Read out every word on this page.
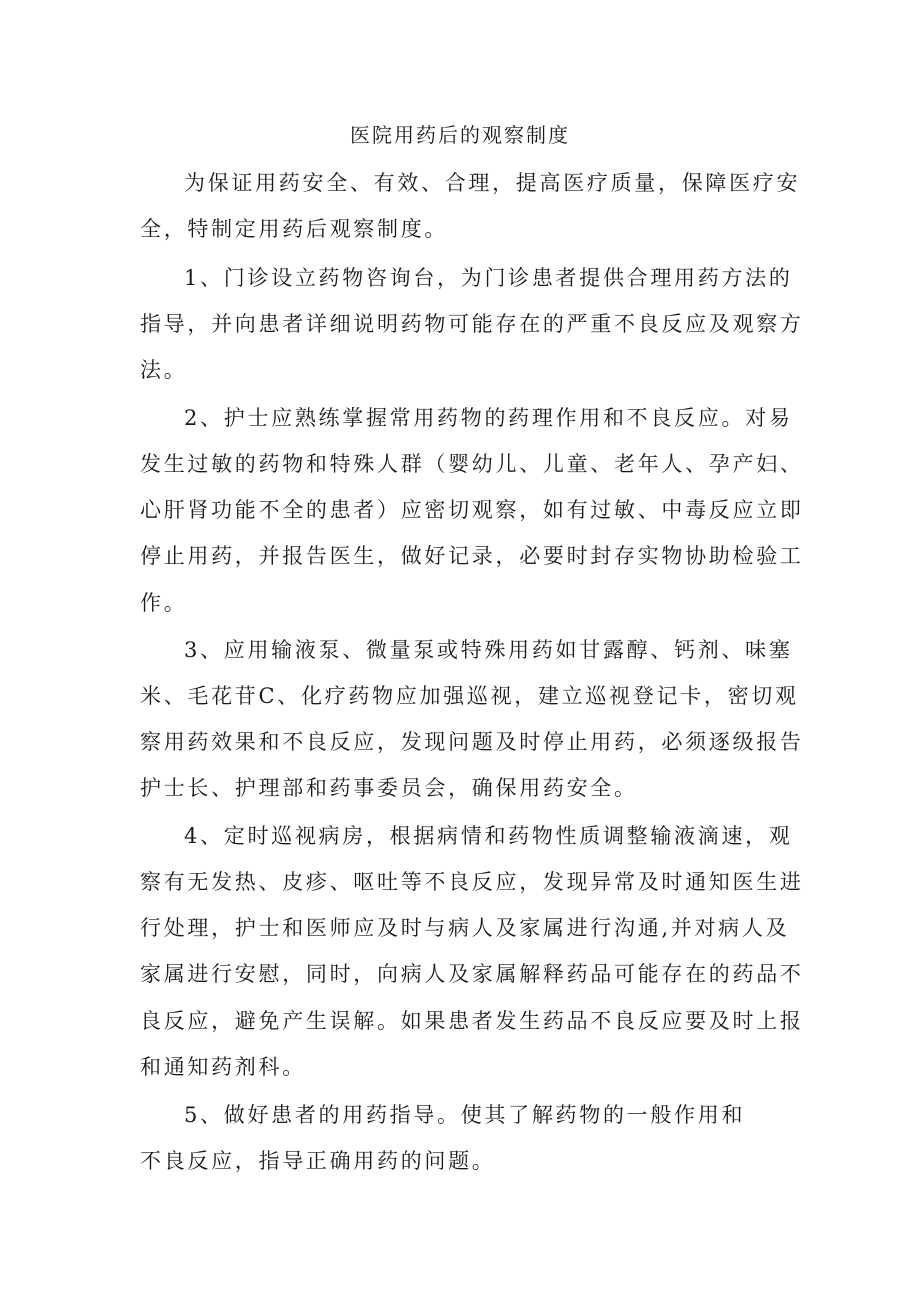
医院用药后的观察制度
为保证用药安全、有效、合理，提高医疗质量，保障医疗安
全，特制定用药后观察制度。
1、门诊设立药物咨询台，为门诊患者提供合理用药方法的
指导，并向患者详细说明药物可能存在的严重不良反应及观察方
法。
2、护士应熟练掌握常用药物的药理作用和不良反应。对易
发生过敏的药物和特殊人群（婴幼儿、儿童、老年人、孕产妇、
心肝肾功能不全的患者）应密切观察，如有过敏、中毒反应立即
停止用药，并报告医生，做好记录，必要时封存实物协助检验工
作。
3、应用输液泵、微量泵或特殊用药如甘露醇、钙剂、味塞
米、毛花苷C、化疗药物应加强巡视，建立巡视登记卡，密切观
察用药效果和不良反应，发现问题及时停止用药，必须逐级报告
护士长、护理部和药事委员会，确保用药安全。
4、定时巡视病房，根据病情和药物性质调整输液滴速，观
察有无发热、皮疹、呕吐等不良反应，发现异常及时通知医生进
行处理，护士和医师应及时与病人及家属进行沟通,并对病人及
家属进行安慰，同时，向病人及家属解释药品可能存在的药品不
良反应，避免产生误解。如果患者发生药品不良反应要及时上报
和通知药剂科。
5、做好患者的用药指导。使其了解药物的一般作用和
不良反应，指导正确用药的问题。
